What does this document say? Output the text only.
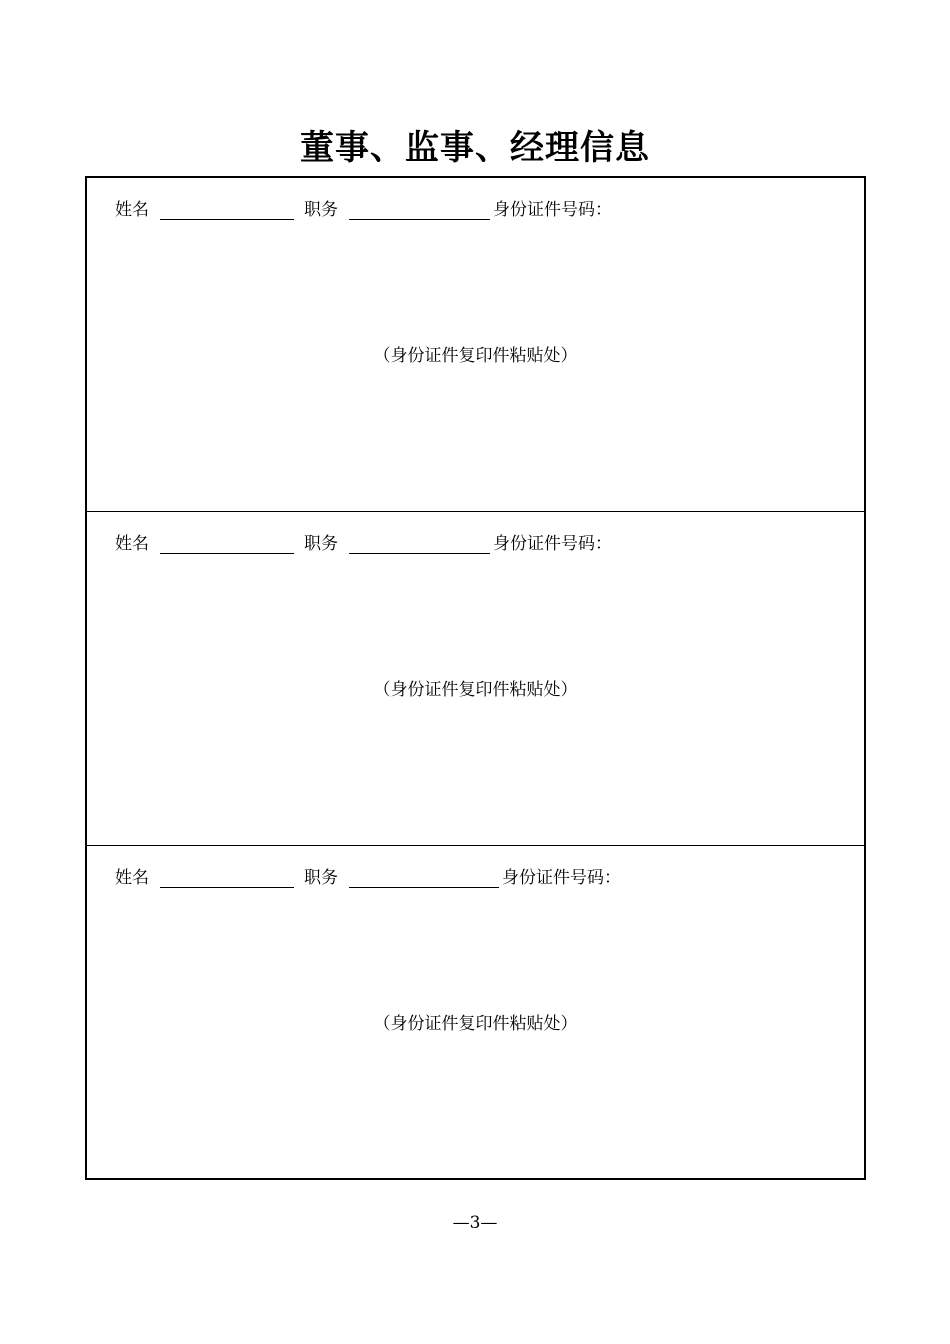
董事、监事、经理信息
姓名	职务	身份证件号码：
（身份证件复印件粘贴处）
姓名	职务	身份证件号码：
（身份证件复印件粘贴处）
姓名	职务	身份证件号码：
（身份证件复印件粘贴处）
—3—
